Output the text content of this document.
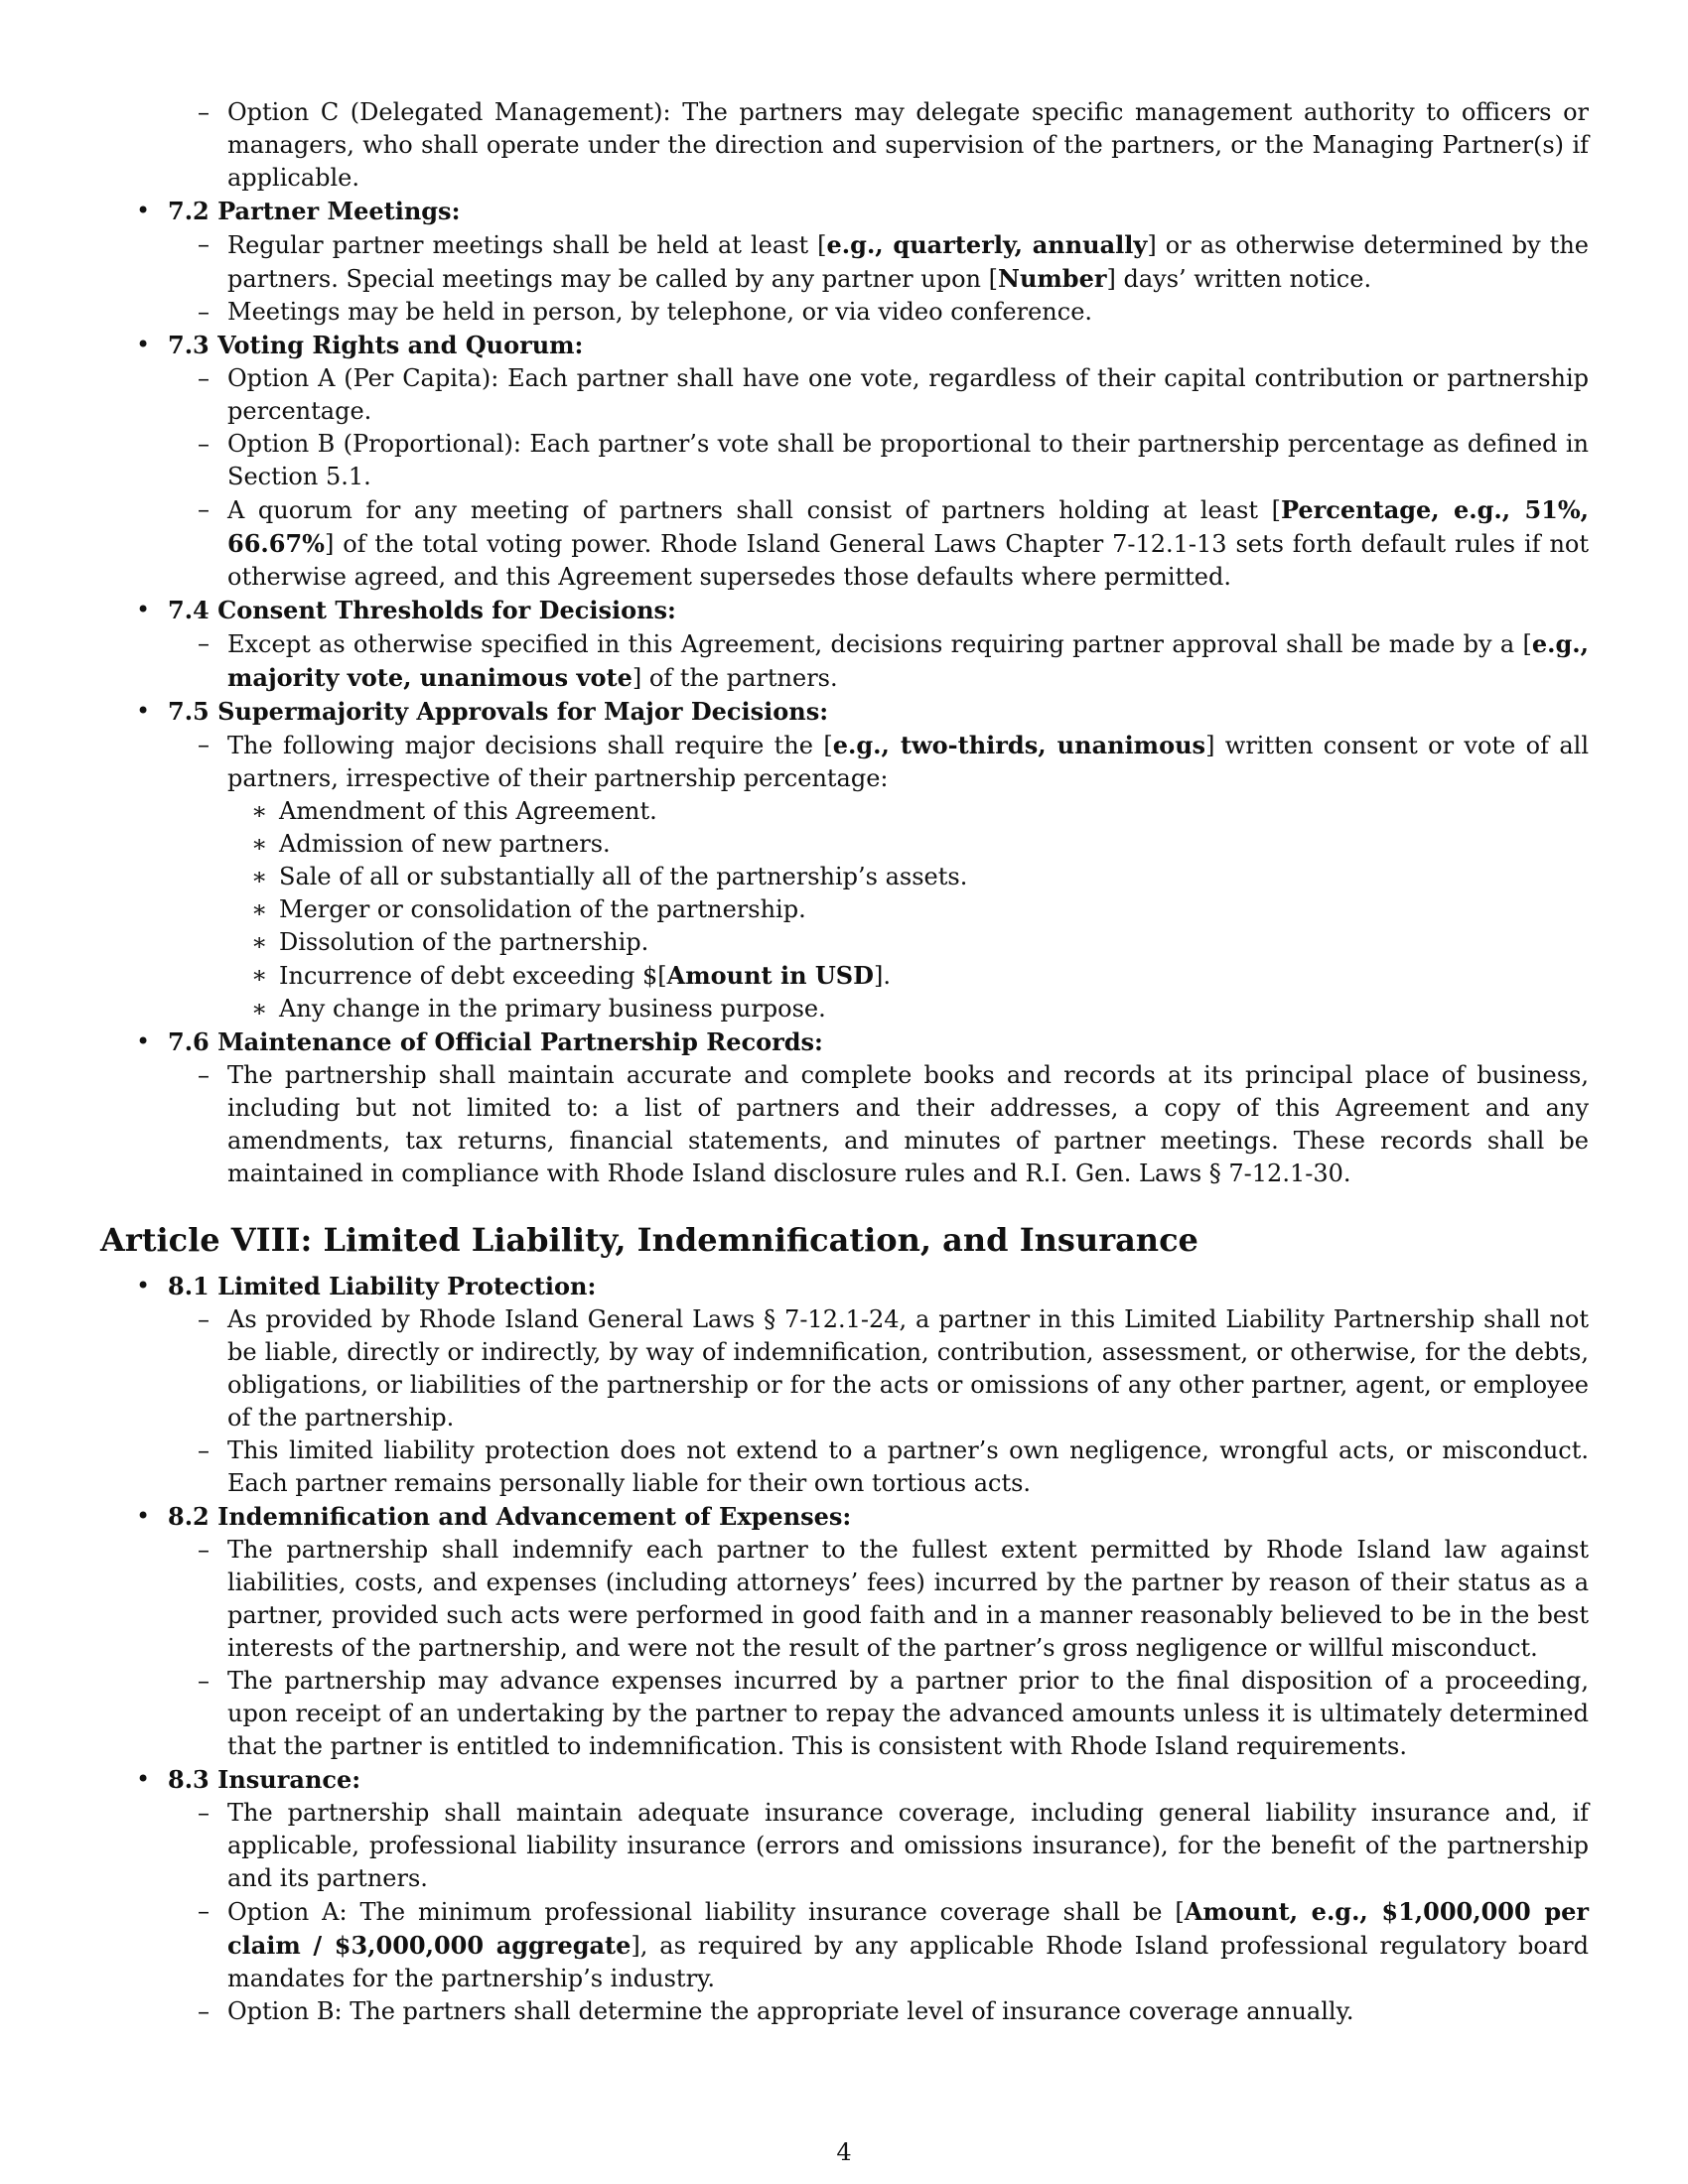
– Option C (Delegated Management): The partners may delegate specific management authority to officers or managers, who shall operate under the direction and supervision of the partners, or the Managing Partner(s) if applicable.
• 7.2 Partner Meetings:
– Regular partner meetings shall be held at least [e.g., quarterly, annually] or as otherwise determined by the partners. Special meetings may be called by any partner upon [Number] days’ written notice.
– Meetings may be held in person, by telephone, or via video conference.
• 7.3 Voting Rights and Quorum:
– Option A (Per Capita): Each partner shall have one vote, regardless of their capital contribution or partnership percentage.
– Option B (Proportional): Each partner’s vote shall be proportional to their partnership percentage as defined in Section 5.1.
– A quorum for any meeting of partners shall consist of partners holding at least [Percentage, e.g., 51%, 66.67%] of the total voting power. Rhode Island General Laws Chapter 7-12.1-13 sets forth default rules if not otherwise agreed, and this Agreement supersedes those defaults where permitted.
• 7.4 Consent Thresholds for Decisions:
– Except as otherwise specified in this Agreement, decisions requiring partner approval shall be made by a [e.g., majority vote, unanimous vote] of the partners.
• 7.5 Supermajority Approvals for Major Decisions:
– The following major decisions shall require the [e.g., two-thirds, unanimous] written consent or vote of all partners, irrespective of their partnership percentage:
∗ Amendment of this Agreement.
∗ Admission of new partners.
∗ Sale of all or substantially all of the partnership’s assets.
∗ Merger or consolidation of the partnership.
∗ Dissolution of the partnership.
∗ Incurrence of debt exceeding $[Amount in USD].
∗ Any change in the primary business purpose.
• 7.6 Maintenance of Official Partnership Records:
– The partnership shall maintain accurate and complete books and records at its principal place of business, including but not limited to: a list of partners and their addresses, a copy of this Agreement and any amendments, tax returns, financial statements, and minutes of partner meetings. These records shall be maintained in compliance with Rhode Island disclosure rules and R.I. Gen. Laws § 7-12.1-30.
Article VIII: Limited Liability, Indemnification, and Insurance
• 8.1 Limited Liability Protection:
– As provided by Rhode Island General Laws § 7-12.1-24, a partner in this Limited Liability Partnership shall not be liable, directly or indirectly, by way of indemnification, contribution, assessment, or otherwise, for the debts, obligations, or liabilities of the partnership or for the acts or omissions of any other partner, agent, or employee of the partnership.
– This limited liability protection does not extend to a partner’s own negligence, wrongful acts, or misconduct. Each partner remains personally liable for their own tortious acts.
• 8.2 Indemnification and Advancement of Expenses:
– The partnership shall indemnify each partner to the fullest extent permitted by Rhode Island law against liabilities, costs, and expenses (including attorneys’ fees) incurred by the partner by reason of their status as a partner, provided such acts were performed in good faith and in a manner reasonably believed to be in the best interests of the partnership, and were not the result of the partner’s gross negligence or willful misconduct.
– The partnership may advance expenses incurred by a partner prior to the final disposition of a proceeding, upon receipt of an undertaking by the partner to repay the advanced amounts unless it is ultimately determined that the partner is entitled to indemnification. This is consistent with Rhode Island requirements.
• 8.3 Insurance:
– The partnership shall maintain adequate insurance coverage, including general liability insurance and, if applicable, professional liability insurance (errors and omissions insurance), for the benefit of the partnership and its partners.
– Option A: The minimum professional liability insurance coverage shall be [Amount, e.g., $1,000,000 per claim / $3,000,000 aggregate], as required by any applicable Rhode Island professional regulatory board mandates for the partnership’s industry.
– Option B: The partners shall determine the appropriate level of insurance coverage annually.
4
